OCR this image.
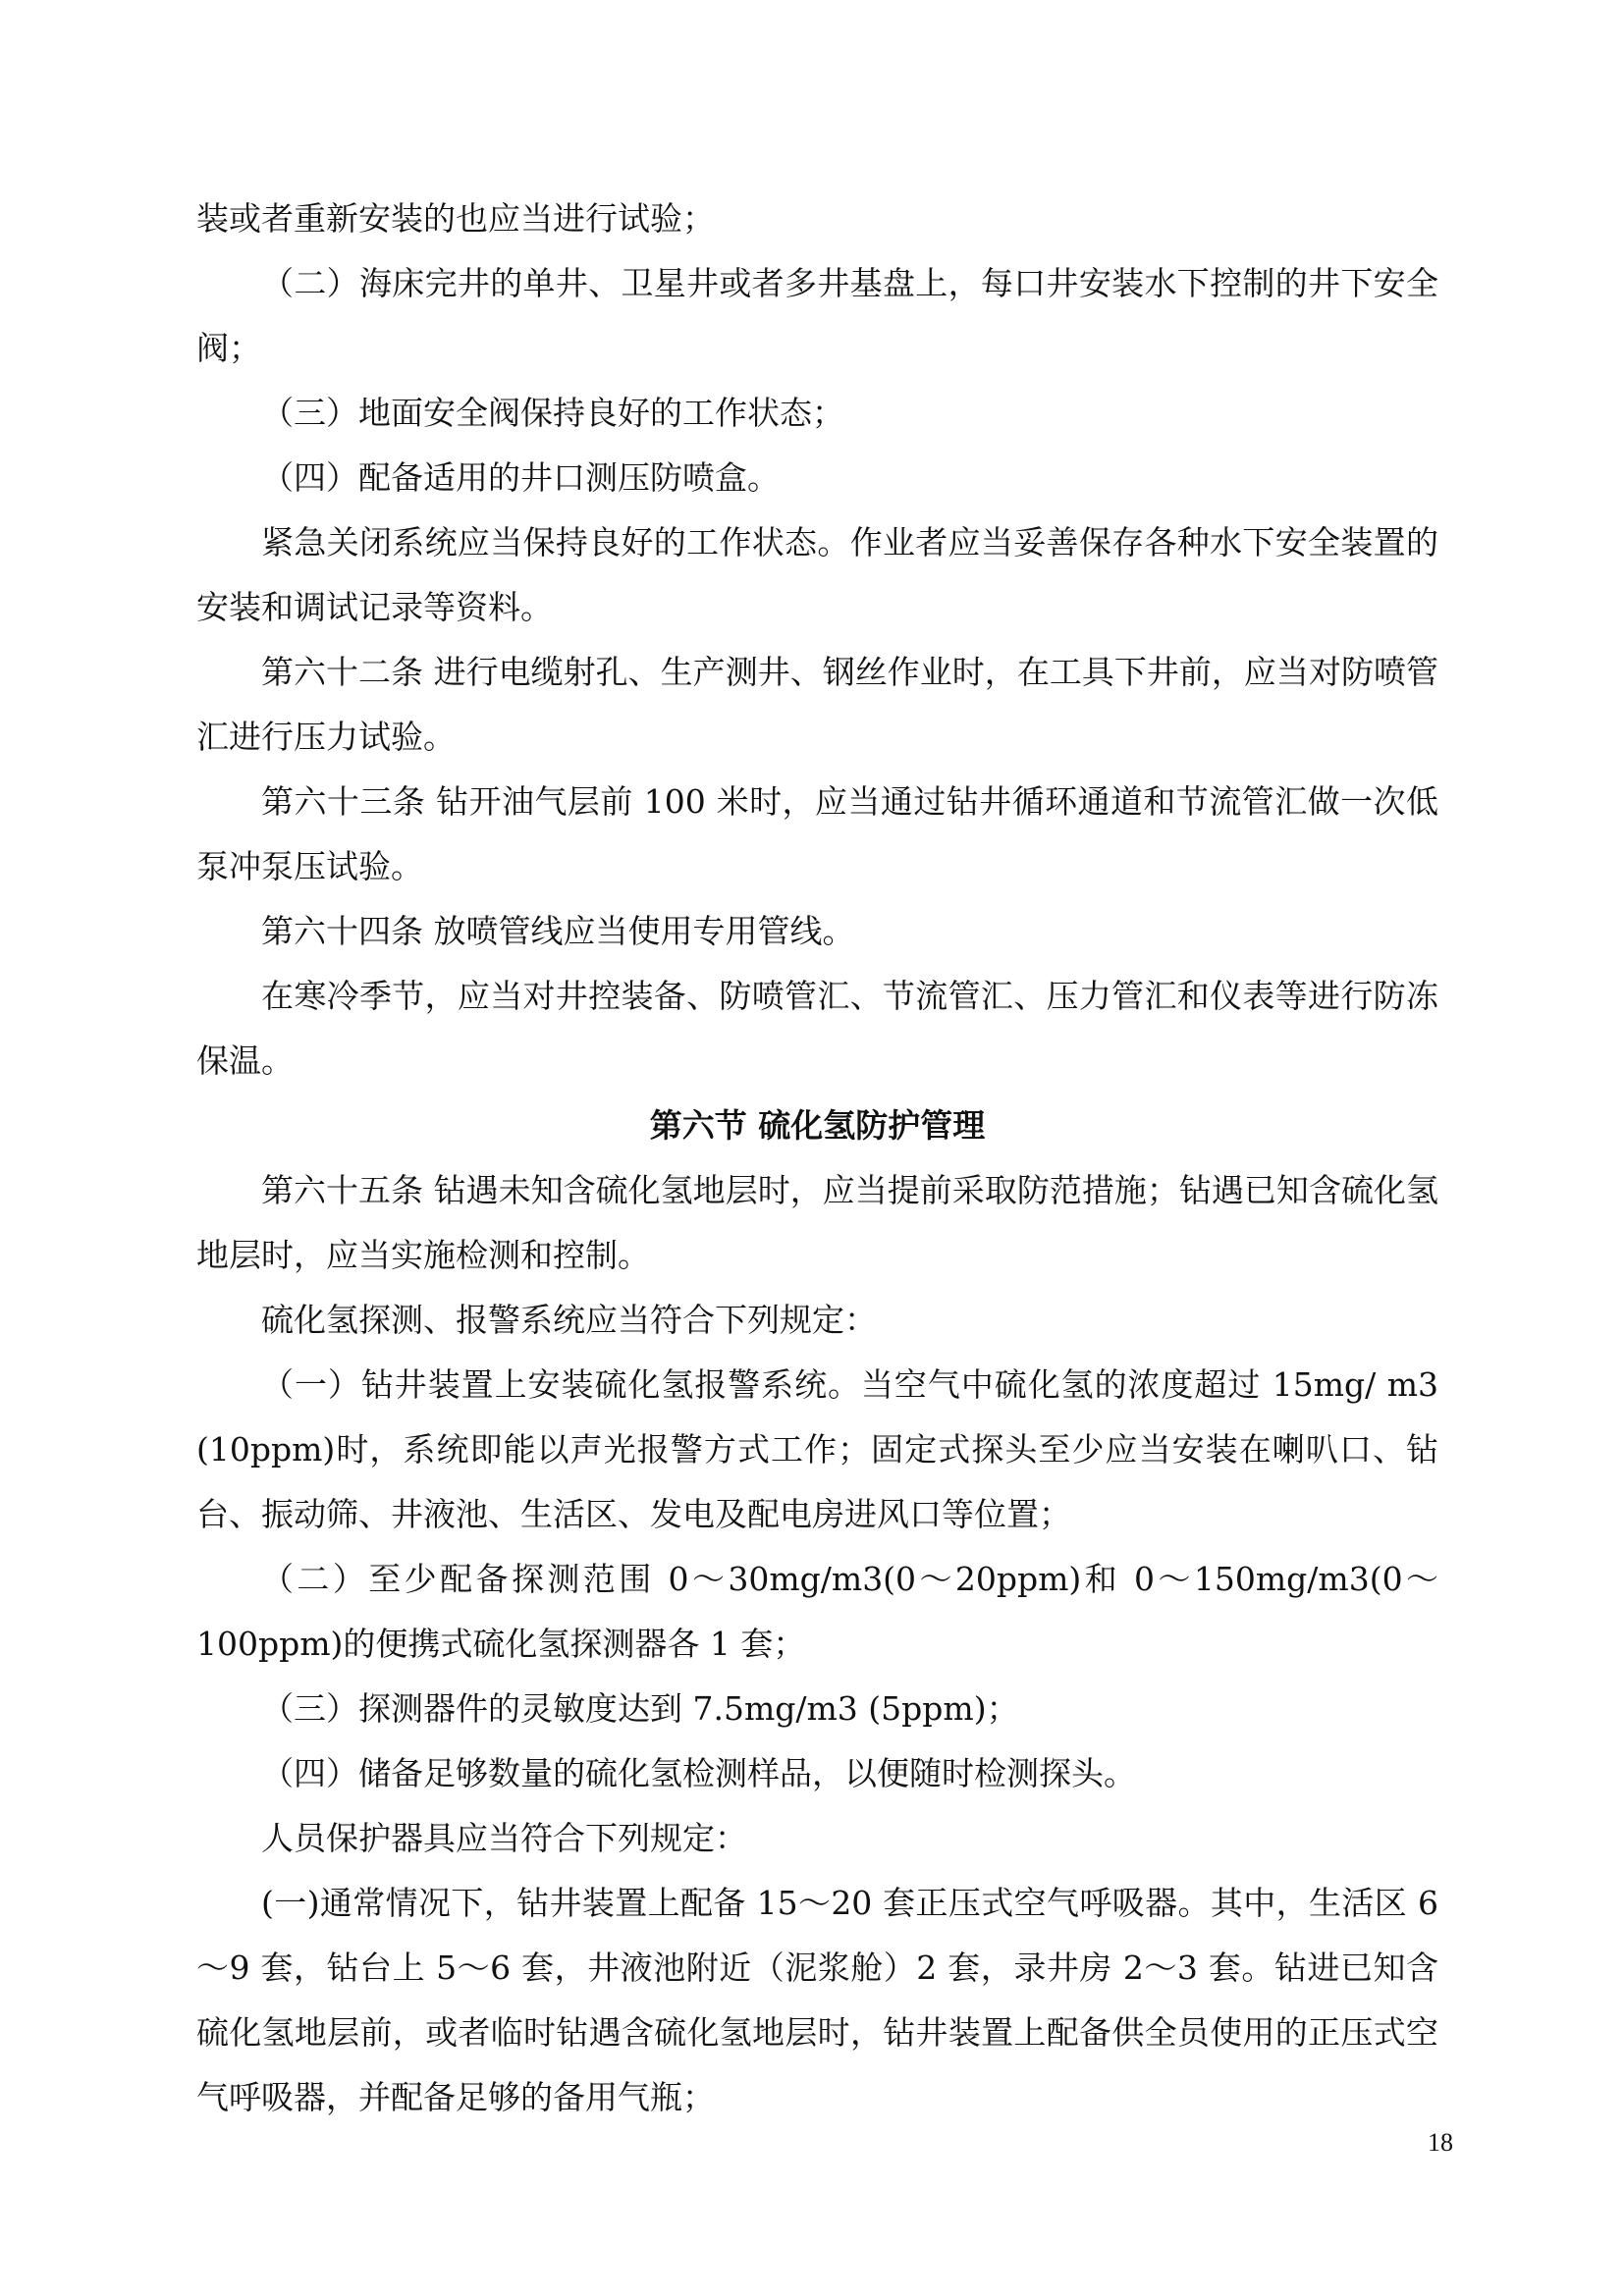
装或者重新安装的也应当进行试验；

（二）海床完井的单井、卫星井或者多井基盘上，每口井安装水下控制的井下安全阀；

（三）地面安全阀保持良好的工作状态；

（四）配备适用的井口测压防喷盒。

紧急关闭系统应当保持良好的工作状态。作业者应当妥善保存各种水下安全装置的安装和调试记录等资料。

第六十二条 进行电缆射孔、生产测井、钢丝作业时，在工具下井前，应当对防喷管汇进行压力试验。

第六十三条 钻开油气层前 100 米时，应当通过钻井循环通道和节流管汇做一次低泵冲泵压试验。

第六十四条 放喷管线应当使用专用管线。

在寒冷季节，应当对井控装备、防喷管汇、节流管汇、压力管汇和仪表等进行防冻保温。

第六节 硫化氢防护管理

第六十五条 钻遇未知含硫化氢地层时，应当提前采取防范措施；钻遇已知含硫化氢地层时，应当实施检测和控制。

硫化氢探测、报警系统应当符合下列规定：

（一）钻井装置上安装硫化氢报警系统。当空气中硫化氢的浓度超过 15mg/ m3 (10ppm)时，系统即能以声光报警方式工作；固定式探头至少应当安装在喇叭口、钻台、振动筛、井液池、生活区、发电及配电房进风口等位置；

（二）至少配备探测范围 0～30mg/m3(0～20ppm)和 0～150mg/m3(0～100ppm)的便携式硫化氢探测器各 1 套；

（三）探测器件的灵敏度达到 7.5mg/m3 (5ppm)；

（四）储备足够数量的硫化氢检测样品，以便随时检测探头。

人员保护器具应当符合下列规定：

(一)通常情况下，钻井装置上配备 15～20 套正压式空气呼吸器。其中，生活区 6～9 套，钻台上 5～6 套，井液池附近（泥浆舱）2 套，录井房 2～3 套。钻进已知含硫化氢地层前，或者临时钻遇含硫化氢地层时，钻井装置上配备供全员使用的正压式空气呼吸器，并配备足够的备用气瓶；

18
